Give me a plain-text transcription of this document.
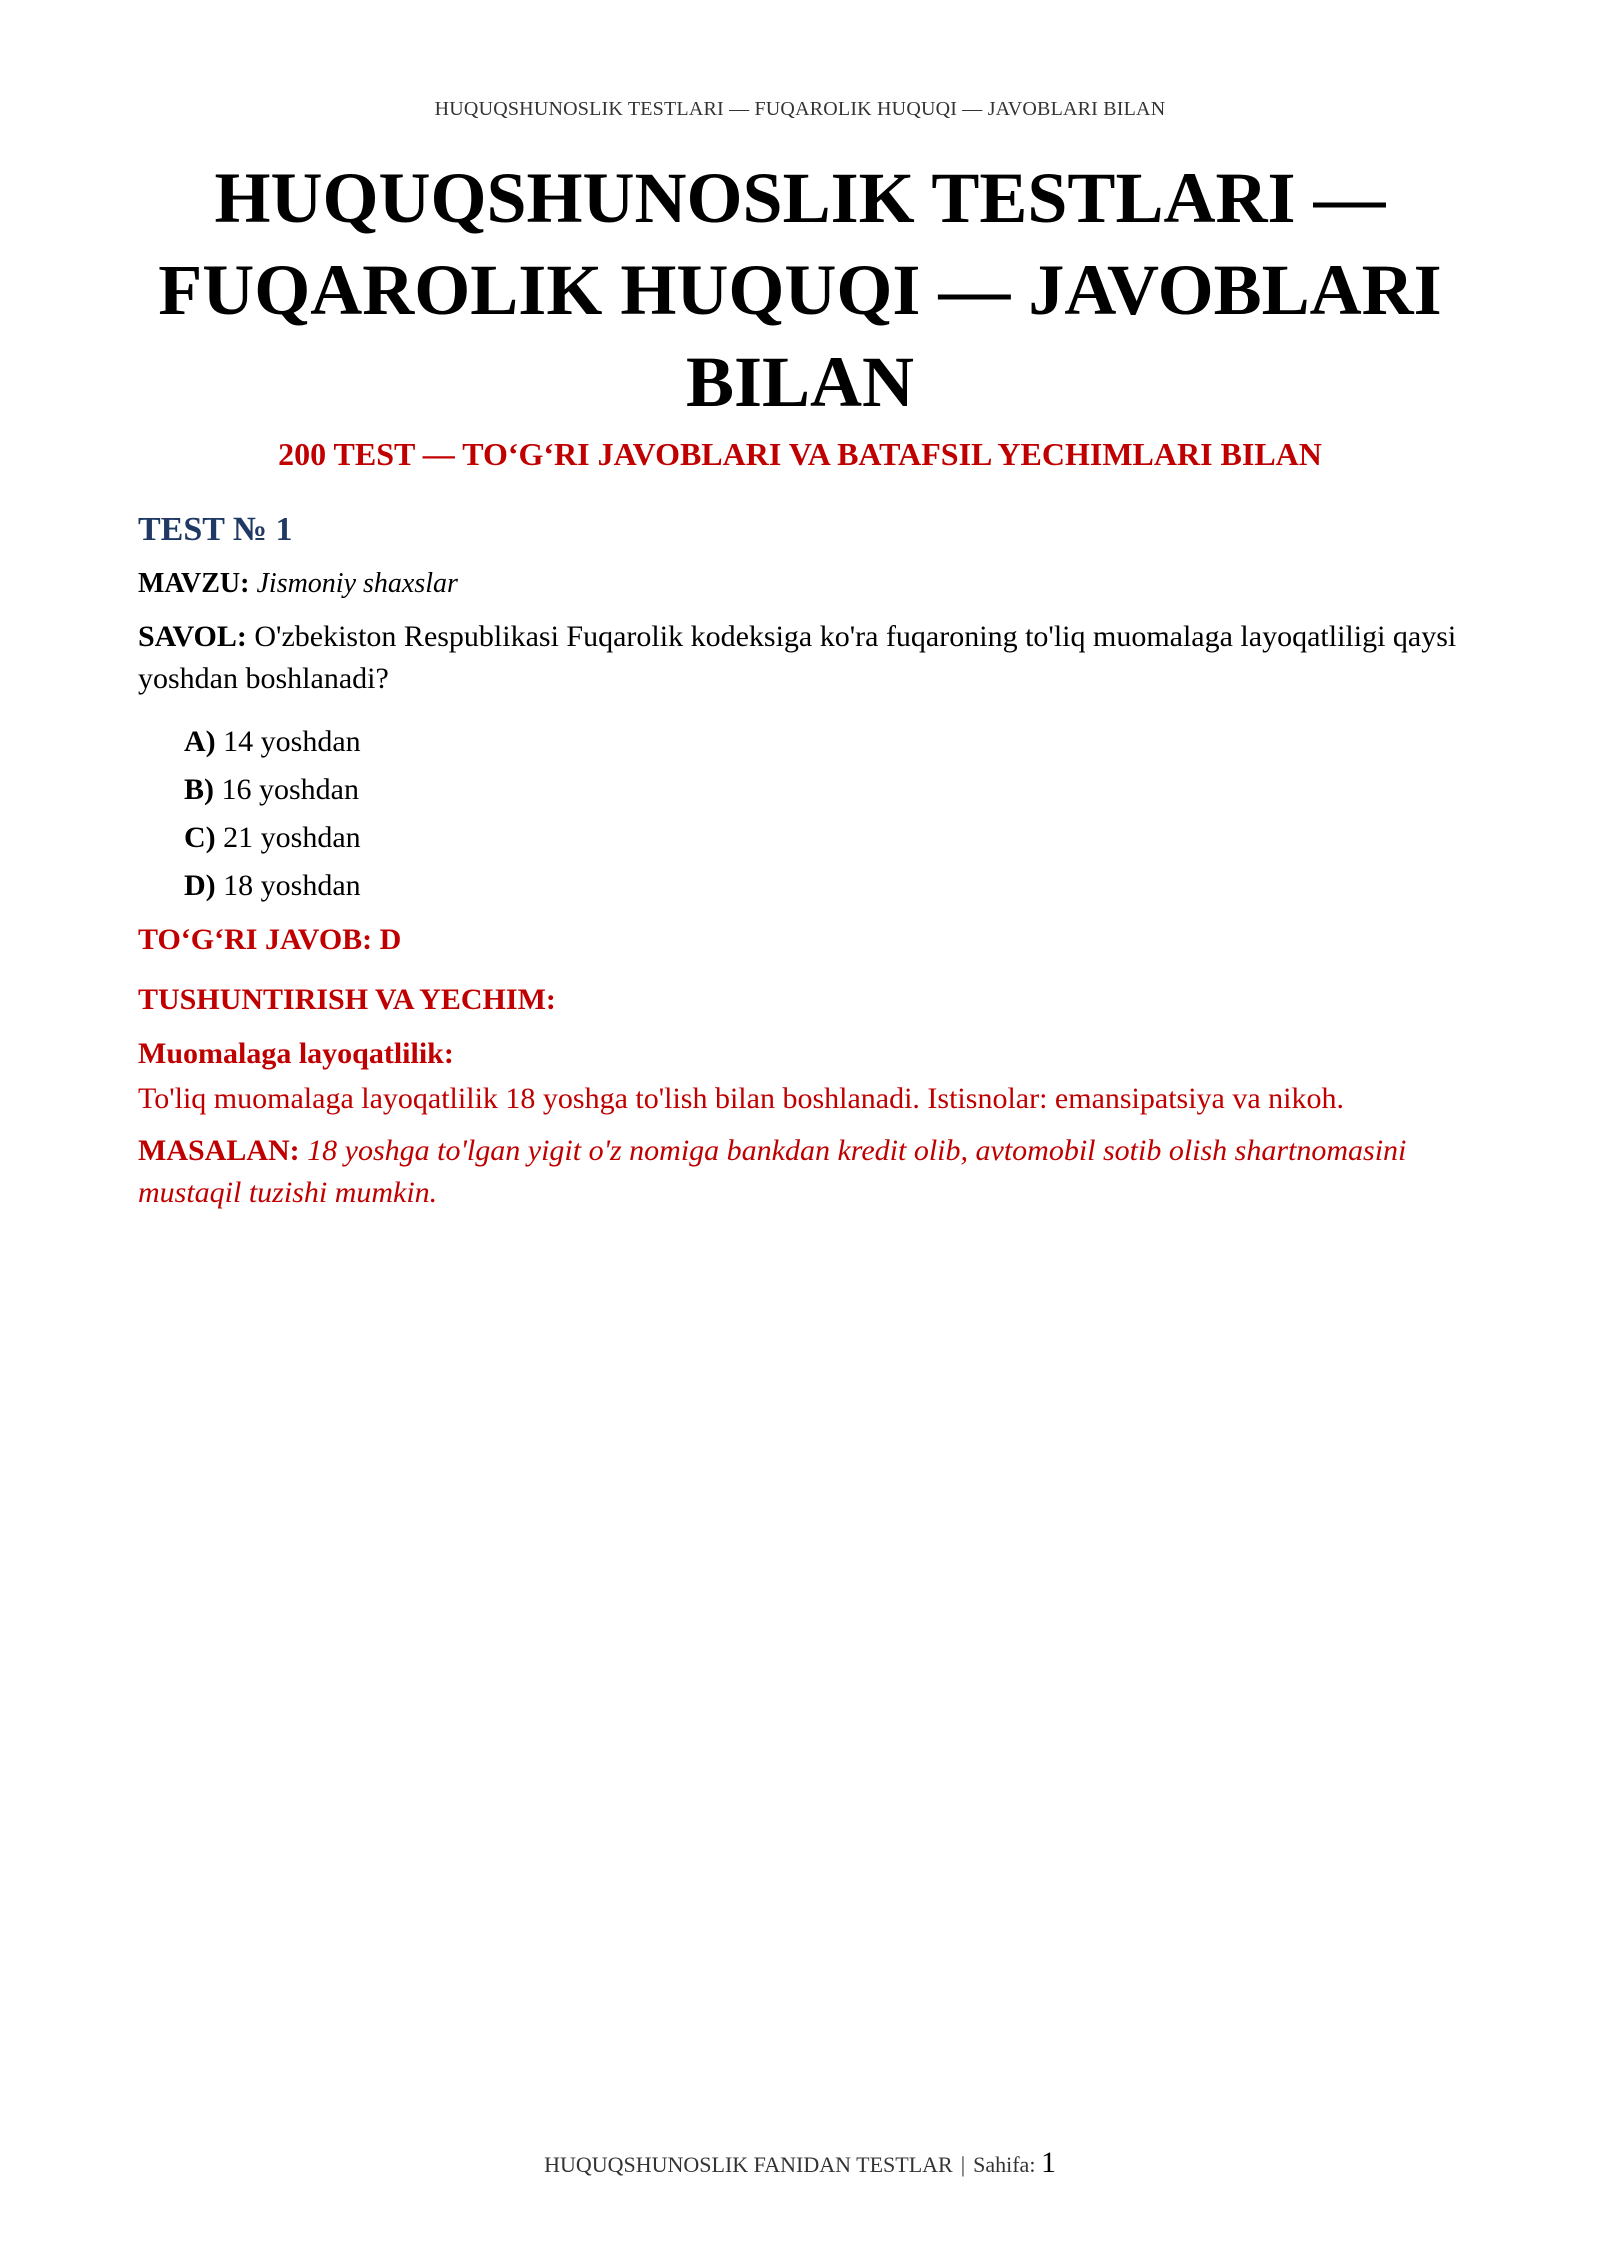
HUQUQSHUNOSLIK TESTLARI — FUQAROLIK HUQUQI — JAVOBLARI BILAN
HUQUQSHUNOSLIK TESTLARI — FUQAROLIK HUQUQI — JAVOBLARI BILAN
200 TEST — TO‘G‘RI JAVOBLARI VA BATAFSIL YECHIMLARI BILAN
TEST № 1
MAVZU: Jismoniy shaxslar
SAVOL: O'zbekiston Respublikasi Fuqarolik kodeksiga ko'ra fuqaroning to'liq muomalaga layoqatliligi qaysi yoshdan boshlanadi?
A) 14 yoshdan
B) 16 yoshdan
C) 21 yoshdan
D) 18 yoshdan
TO‘G‘RI JAVOB: D
TUSHUNTIRISH VA YECHIM:
Muomalaga layoqatlilik:
To'liq muomalaga layoqatlilik 18 yoshga to'lish bilan boshlanadi. Istisnolar: emansipatsiya va nikoh.
MASALAN: 18 yoshga to'lgan yigit o'z nomiga bankdan kredit olib, avtomobil sotib olish shartnomasini mustaqil tuzishi mumkin.
HUQUQSHUNOSLIK FANIDAN TESTLAR | Sahifa: 1
